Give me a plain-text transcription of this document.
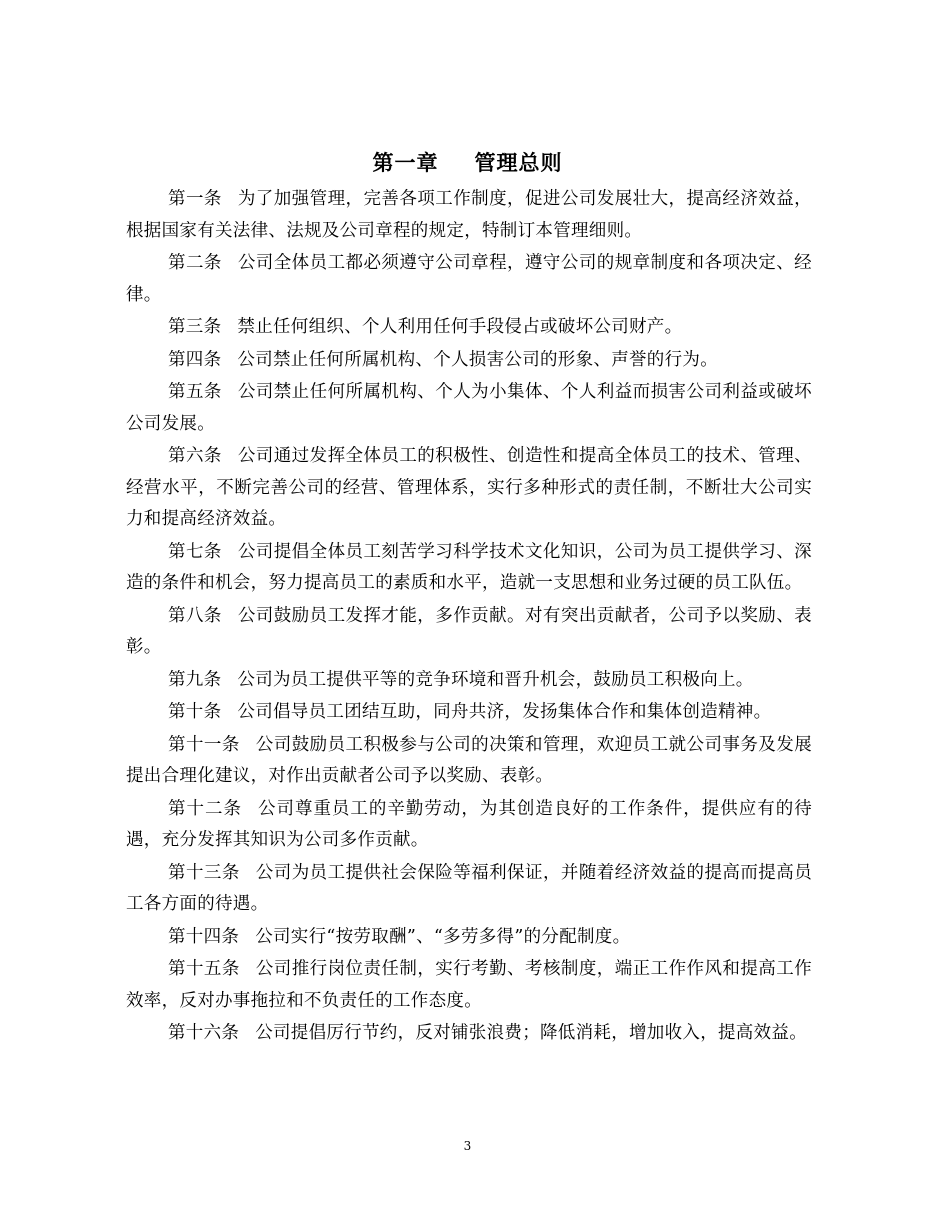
第一章 管理总则

第一条 为了加强管理，完善各项工作制度，促进公司发展壮大，提高经济效益，根据国家有关法律、法规及公司章程的规定，特制订本管理细则。

第二条 公司全体员工都必须遵守公司章程，遵守公司的规章制度和各项决定、经律。

第三条 禁止任何组织、个人利用任何手段侵占或破坏公司财产。

第四条 公司禁止任何所属机构、个人损害公司的形象、声誉的行为。

第五条 公司禁止任何所属机构、个人为小集体、个人利益而损害公司利益或破坏公司发展。

第六条 公司通过发挥全体员工的积极性、创造性和提高全体员工的技术、管理、经营水平，不断完善公司的经营、管理体系，实行多种形式的责任制，不断壮大公司实力和提高经济效益。

第七条 公司提倡全体员工刻苦学习科学技术文化知识，公司为员工提供学习、深造的条件和机会，努力提高员工的素质和水平，造就一支思想和业务过硬的员工队伍。

第八条 公司鼓励员工发挥才能，多作贡献。对有突出贡献者，公司予以奖励、表彰。

第九条 公司为员工提供平等的竞争环境和晋升机会，鼓励员工积极向上。

第十条 公司倡导员工团结互助，同舟共济，发扬集体合作和集体创造精神。

第十一条 公司鼓励员工积极参与公司的决策和管理，欢迎员工就公司事务及发展提出合理化建议，对作出贡献者公司予以奖励、表彰。

第十二条 公司尊重员工的辛勤劳动，为其创造良好的工作条件，提供应有的待遇，充分发挥其知识为公司多作贡献。

第十三条 公司为员工提供社会保险等福利保证，并随着经济效益的提高而提高员工各方面的待遇。

第十四条 公司实行“按劳取酬”、“多劳多得”的分配制度。

第十五条 公司推行岗位责任制，实行考勤、考核制度，端正工作作风和提高工作效率，反对办事拖拉和不负责任的工作态度。

第十六条 公司提倡厉行节约，反对铺张浪费；降低消耗，增加收入，提高效益。

3
